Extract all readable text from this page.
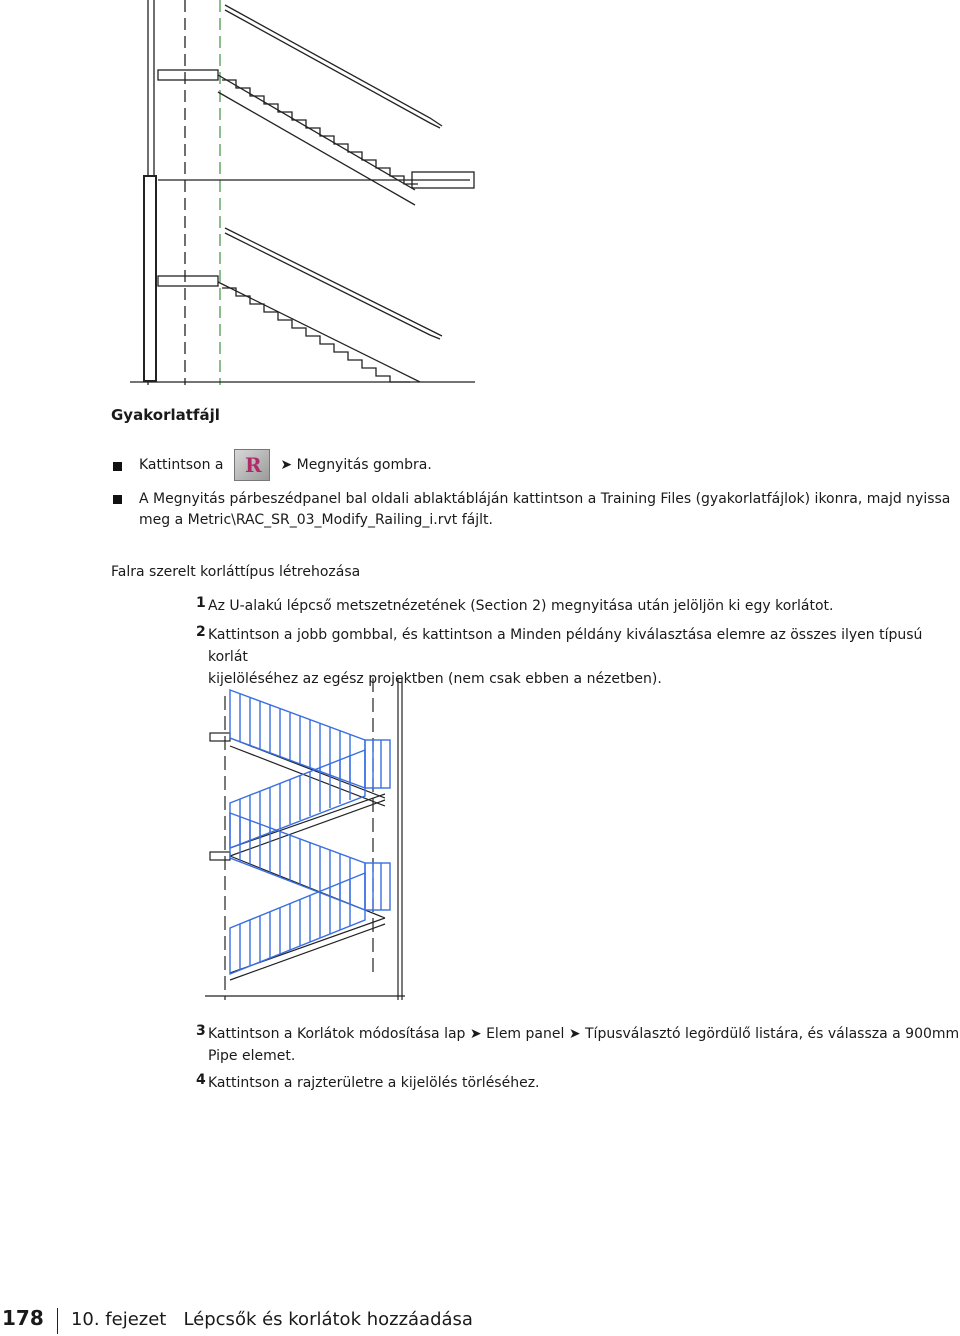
Gyakorlatfájl
Kattintson a R ➤ Megnyitás gombra.
A Megnyitás párbeszédpanel bal oldali ablaktábláján kattintson a Training Files (gyakorlatfájlok) ikonra, majd nyissa
meg a Metric\RAC_SR_03_Modify_Railing_i.rvt fájlt.
Falra szerelt korláttípus létrehozása
1 Az U-alakú lépcső metszetnézetének (Section 2) megnyitása után jelöljön ki egy korlátot.
2 Kattintson a jobb gombbal, és kattintson a Minden példány kiválasztása elemre az összes ilyen típusú korlát
kijelöléséhez az egész projektben (nem csak ebben a nézetben).
3 Kattintson a Korlátok módosítása lap ➤ Elem panel ➤ Típusválasztó legördülő listára, és válassza a 900mm
Pipe elemet.
4 Kattintson a rajzterületre a kijelölés törléséhez.
178 10. fejezet Lépcsők és korlátok hozzáadása
